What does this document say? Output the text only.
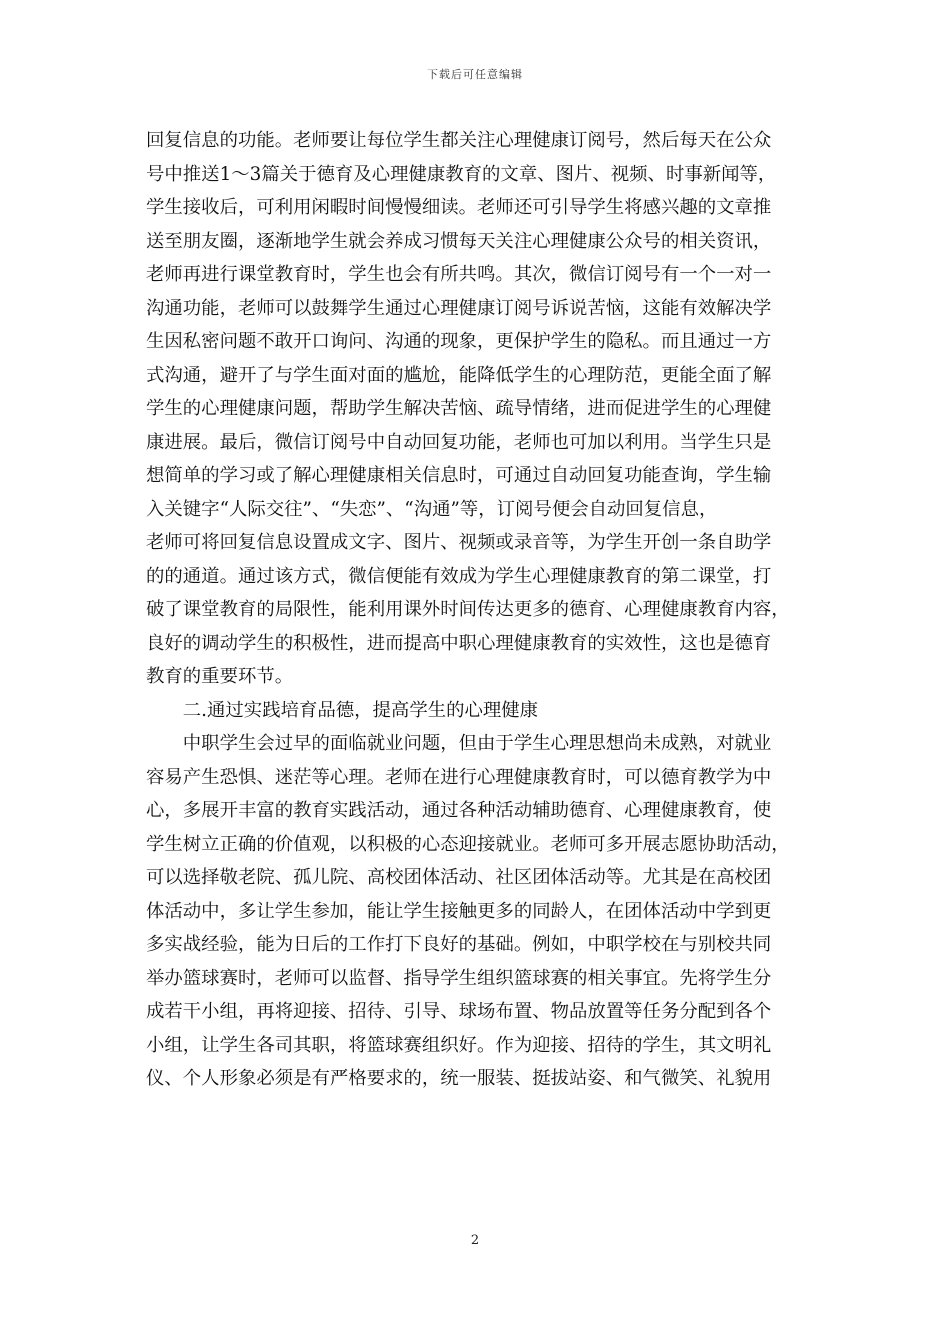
下载后可任意编辑
回复信息的功能。老师要让每位学生都关注心理健康订阅号，然后每天在公众
号中推送1～3篇关于德育及心理健康教育的文章、图片、视频、时事新闻等，
学生接收后，可利用闲暇时间慢慢细读。老师还可引导学生将感兴趣的文章推
送至朋友圈，逐渐地学生就会养成习惯每天关注心理健康公众号的相关资讯，
老师再进行课堂教育时，学生也会有所共鸣。其次，微信订阅号有一个一对一
沟通功能，老师可以鼓舞学生通过心理健康订阅号诉说苦恼，这能有效解决学
生因私密问题不敢开口询问、沟通的现象，更保护学生的隐私。而且通过一方
式沟通，避开了与学生面对面的尴尬，能降低学生的心理防范，更能全面了解
学生的心理健康问题，帮助学生解决苦恼、疏导情绪，进而促进学生的心理健
康进展。最后，微信订阅号中自动回复功能，老师也可加以利用。当学生只是
想简单的学习或了解心理健康相关信息时，可通过自动回复功能查询，学生输
入关键字“人际交往”、“失恋”、“沟通”等，订阅号便会自动回复信息，
老师可将回复信息设置成文字、图片、视频或录音等，为学生开创一条自助学
的的通道。通过该方式，微信便能有效成为学生心理健康教育的第二课堂，打
破了课堂教育的局限性，能利用课外时间传达更多的德育、心理健康教育内容，
良好的调动学生的积极性，进而提高中职心理健康教育的实效性，这也是德育
教育的重要环节。
　　二.通过实践培育品德，提高学生的心理健康
　　中职学生会过早的面临就业问题，但由于学生心理思想尚未成熟，对就业
容易产生恐惧、迷茫等心理。老师在进行心理健康教育时，可以德育教学为中
心，多展开丰富的教育实践活动，通过各种活动辅助德育、心理健康教育，使
学生树立正确的价值观，以积极的心态迎接就业。老师可多开展志愿协助活动，
可以选择敬老院、孤儿院、高校团体活动、社区团体活动等。尤其是在高校团
体活动中，多让学生参加，能让学生接触更多的同龄人，在团体活动中学到更
多实战经验，能为日后的工作打下良好的基础。例如，中职学校在与别校共同
举办篮球赛时，老师可以监督、指导学生组织篮球赛的相关事宜。先将学生分
成若干小组，再将迎接、招待、引导、球场布置、物品放置等任务分配到各个
小组，让学生各司其职，将篮球赛组织好。作为迎接、招待的学生，其文明礼
仪、个人形象必须是有严格要求的，统一服装、挺拔站姿、和气微笑、礼貌用
2
